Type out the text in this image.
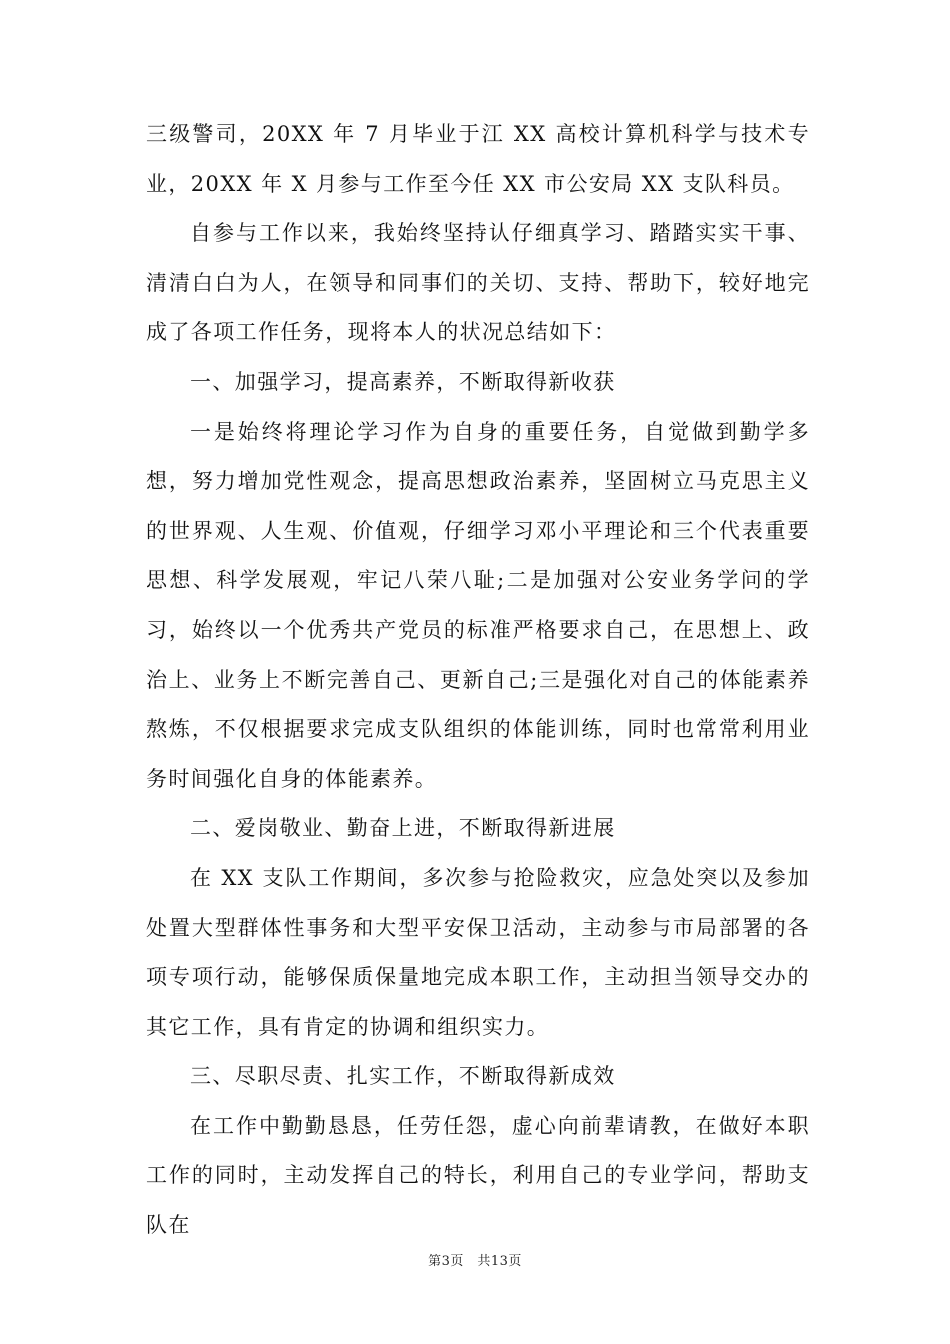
三级警司，20XX 年 7 月毕业于江 XX 高校计算机科学与技术专业，20XX 年 X 月参与工作至今任 XX 市公安局 XX 支队科员。

自参与工作以来，我始终坚持认仔细真学习、踏踏实实干事、清清白白为人，在领导和同事们的关切、支持、帮助下，较好地完成了各项工作任务，现将本人的状况总结如下：

一、加强学习，提高素养，不断取得新收获

一是始终将理论学习作为自身的重要任务，自觉做到勤学多想，努力增加党性观念，提高思想政治素养，坚固树立马克思主义的世界观、人生观、价值观，仔细学习邓小平理论和三个代表重要思想、科学发展观，牢记八荣八耻;二是加强对公安业务学问的学习，始终以一个优秀共产党员的标准严格要求自己，在思想上、政治上、业务上不断完善自己、更新自己;三是强化对自己的体能素养熬炼，不仅根据要求完成支队组织的体能训练，同时也常常利用业务时间强化自身的体能素养。

二、爱岗敬业、勤奋上进，不断取得新进展

在 XX 支队工作期间，多次参与抢险救灾，应急处突以及参加处置大型群体性事务和大型平安保卫活动，主动参与市局部署的各项专项行动，能够保质保量地完成本职工作，主动担当领导交办的其它工作，具有肯定的协调和组织实力。

三、尽职尽责、扎实工作，不断取得新成效

在工作中勤勤恳恳，任劳任怨，虚心向前辈请教，在做好本职工作的同时，主动发挥自己的特长，利用自己的专业学问，帮助支队在

第3页　共13页
